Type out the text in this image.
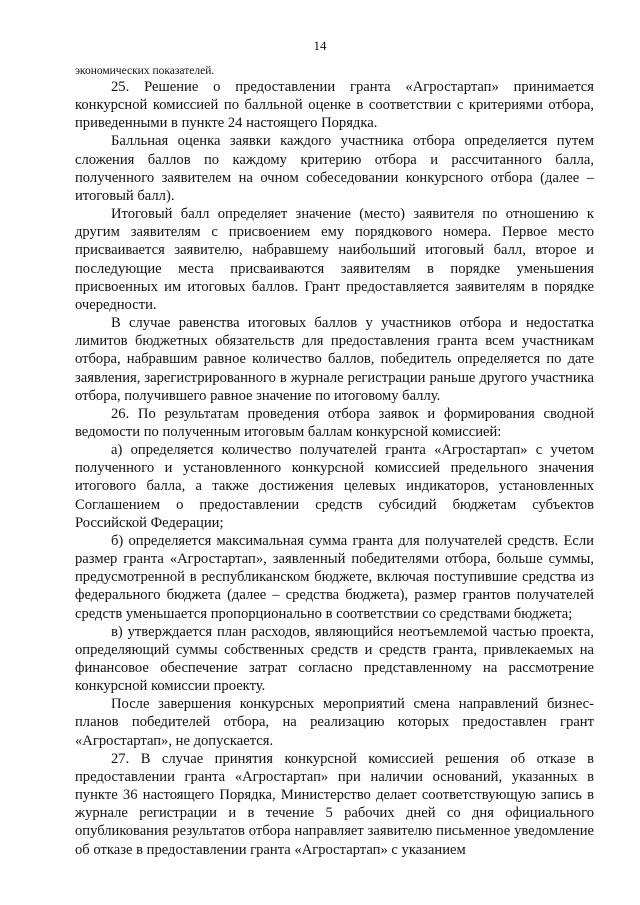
14
экономических показателей.

25. Решение о предоставлении гранта «Агростартап» принимается конкурсной комиссией по балльной оценке в соответствии с критериями отбора, приведенными в пункте 24 настоящего Порядка.

Балльная оценка заявки каждого участника отбора определяется путем сложения баллов по каждому критерию отбора и рассчитанного балла, полученного заявителем на очном собеседовании конкурсного отбора (далее – итоговый балл).

Итоговый балл определяет значение (место) заявителя по отношению к другим заявителям с присвоением ему порядкового номера. Первое место присваивается заявителю, набравшему наибольший итоговый балл, второе и последующие места присваиваются заявителям в порядке уменьшения присвоенных им итоговых баллов. Грант предоставляется заявителям в порядке очередности.

В случае равенства итоговых баллов у участников отбора и недостатка лимитов бюджетных обязательств для предоставления гранта всем участникам отбора, набравшим равное количество баллов, победитель определяется по дате заявления, зарегистрированного в журнале регистрации раньше другого участника отбора, получившего равное значение по итоговому баллу.

26. По результатам проведения отбора заявок и формирования сводной ведомости по полученным итоговым баллам конкурсной комиссией:

а) определяется количество получателей гранта «Агростартап» с учетом полученного и установленного конкурсной комиссией предельного значения итогового балла, а также достижения целевых индикаторов, установленных Соглашением о предоставлении средств субсидий бюджетам субъектов Российской Федерации;

б) определяется максимальная сумма гранта для получателей средств. Если размер гранта «Агростартап», заявленный победителями отбора, больше суммы, предусмотренной в республиканском бюджете, включая поступившие средства из федерального бюджета (далее – средства бюджета), размер грантов получателей средств уменьшается пропорционально в соответствии со средствами бюджета;

в) утверждается план расходов, являющийся неотъемлемой частью проекта, определяющий суммы собственных средств и средств гранта, привлекаемых на финансовое обеспечение затрат согласно представленному на рассмотрение конкурсной комиссии проекту.

После завершения конкурсных мероприятий смена направлений бизнес-планов победителей отбора, на реализацию которых предоставлен грант «Агростартап», не допускается.

27. В случае принятия конкурсной комиссией решения об отказе в предоставлении гранта «Агростартап» при наличии оснований, указанных в пункте 36 настоящего Порядка, Министерство делает соответствующую запись в журнале регистрации и в течение 5 рабочих дней со дня официального опубликования результатов отбора направляет заявителю письменное уведомление об отказе в предоставлении гранта «Агростартап» с указанием
